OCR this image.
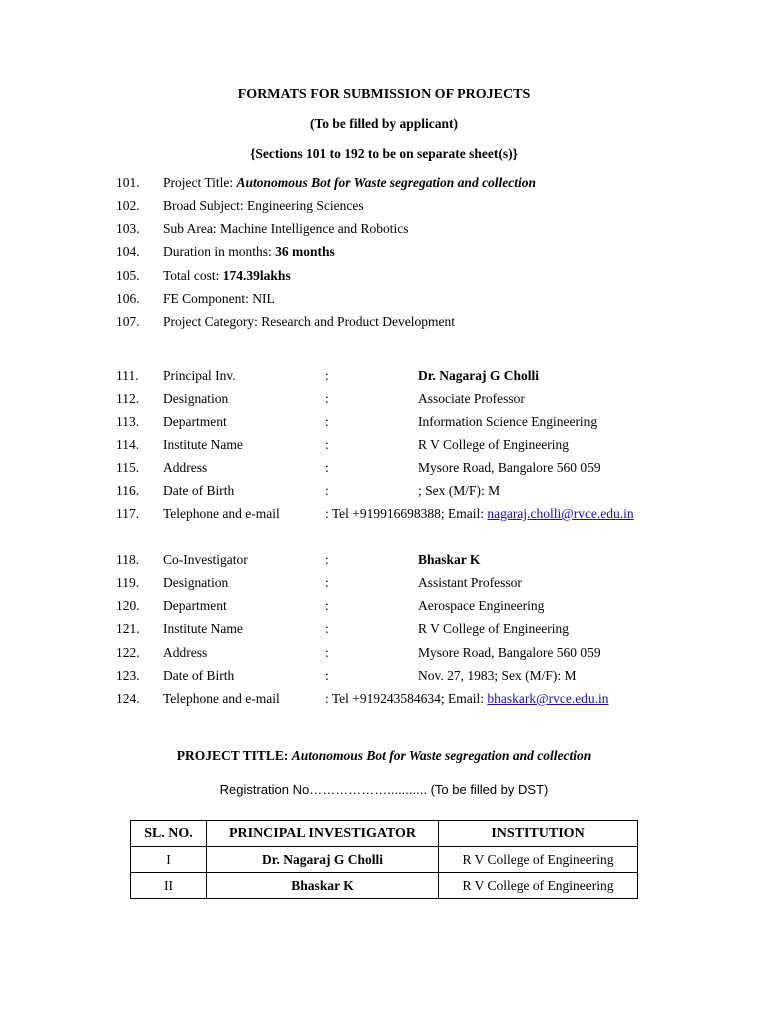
FORMATS FOR SUBMISSION OF PROJECTS
(To be filled by applicant)
{Sections 101 to 192 to be on separate sheet(s)}
101. Project Title: Autonomous Bot for Waste segregation and collection
102. Broad Subject: Engineering Sciences
103. Sub Area: Machine Intelligence and Robotics
104. Duration in months: 36 months
105. Total cost: 174.39lakhs
106. FE Component: NIL
107. Project Category: Research and Product Development
111. Principal Inv.	:	Dr. Nagaraj G Cholli
112. Designation	:	Associate Professor
113. Department	:	Information Science Engineering
114. Institute Name	:	R V College of Engineering
115. Address	:	Mysore Road, Bangalore 560 059
116. Date of Birth	:	; Sex (M/F): M
117. Telephone and e-mail	: Tel +919916698388; Email: nagaraj.cholli@rvce.edu.in
118. Co-Investigator	:	Bhaskar K
119. Designation	:	Assistant Professor
120. Department	:	Aerospace Engineering
121. Institute Name	:	R V College of Engineering
122. Address	:	Mysore Road, Bangalore 560 059
123. Date of Birth	:	Nov. 27, 1983; Sex (M/F): M
124. Telephone and e-mail	: Tel +919243584634; Email: bhaskark@rvce.edu.in
PROJECT TITLE: Autonomous Bot for Waste segregation and collection
Registration No………………........... (To be filled by DST)
SL. NO.	PRINCIPAL INVESTIGATOR	INSTITUTION
I	Dr. Nagaraj G Cholli	R V College of Engineering
II	Bhaskar K	R V College of Engineering
